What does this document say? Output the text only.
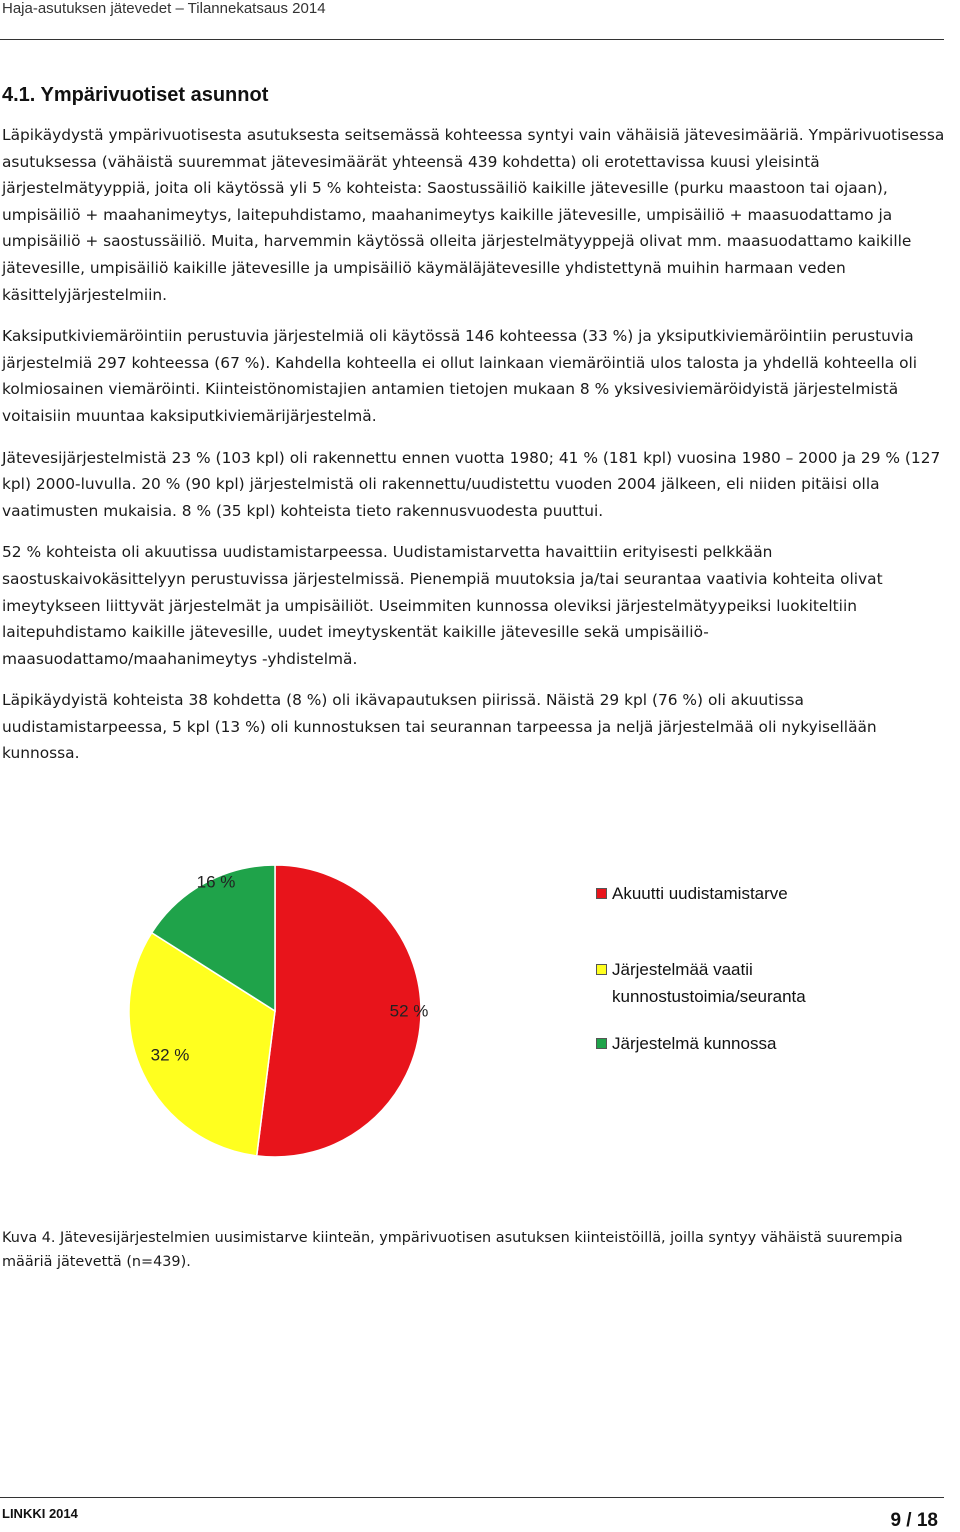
Haja-asutuksen jätevedet – Tilannekatsaus 2014
4.1. Ympärivuotiset asunnot

Läpikäydystä ympärivuotisesta asutuksesta seitsemässä kohteessa syntyi vain vähäisiä jätevesimääriä. Ympärivuotisessa asutuksessa (vähäistä suuremmat jätevesimäärät yhteensä 439 kohdetta) oli erotettavissa kuusi yleisintä järjestelmätyyppiä, joita oli käytössä yli 5 % kohteista: Saostussäiliö kaikille jätevesille (purku maastoon tai ojaan), umpisäiliö + maahanimeytys, laitepuhdistamo, maahanimeytys kaikille jätevesille, umpisäiliö + maasuodattamo ja umpisäiliö + saostussäiliö. Muita, harvemmin käytössä olleita järjestelmätyyppejä olivat mm. maasuodattamo kaikille jätevesille, umpisäiliö kaikille jätevesille ja umpisäiliö käymäläjätevesille yhdistettynä muihin harmaan veden käsittelyjärjestelmiin.

Kaksiputkiviemäröintiin perustuvia järjestelmiä oli käytössä 146 kohteessa (33 %) ja yksiputkiviemäröintiin perustuvia järjestelmiä 297 kohteessa (67 %). Kahdella kohteella ei ollut lainkaan viemäröintiä ulos talosta ja yhdellä kohteella oli kolmiosainen viemäröinti. Kiinteistönomistajien antamien tietojen mukaan 8 % yksivesiviemäröidyistä järjestelmistä voitaisiin muuntaa kaksiputkiviemärijärjestelmä.

Jätevesijärjestelmistä 23 % (103 kpl) oli rakennettu ennen vuotta 1980; 41 % (181 kpl) vuosina 1980 – 2000 ja 29 % (127 kpl) 2000-luvulla. 20 % (90 kpl) järjestelmistä oli rakennettu/uudistettu vuoden 2004 jälkeen, eli niiden pitäisi olla vaatimusten mukaisia. 8 % (35 kpl) kohteista tieto rakennusvuodesta puuttui.

52 % kohteista oli akuutissa uudistamistarpeessa. Uudistamistarvetta havaittiin erityisesti pelkkään saostuskaivokäsittelyyn perustuvissa järjestelmissä. Pienempiä muutoksia ja/tai seurantaa vaativia kohteita olivat imeytykseen liittyvät järjestelmät ja umpisäiliöt. Useimmiten kunnossa oleviksi järjestelmätyypeiksi luokiteltiin laitepuhdistamo kaikille jätevesille, uudet imeytyskentät kaikille jätevesille sekä umpisäiliö-maasuodattamo/maahanimeytys -yhdistelmä.

Läpikäydyistä kohteista 38 kohdetta (8 %) oli ikävapautuksen piirissä. Näistä 29 kpl (76 %) oli akuutissa uudistamistarpeessa, 5 kpl (13 %) oli kunnostuksen tai seurannan tarpeessa ja neljä järjestelmää oli nykyisellään kunnossa.

52 %
32 %
16 %
Akuutti uudistamistarve
Järjestelmää vaatii kunnostustoimia/seuranta
Järjestelmä kunnossa
Kuva 4. Jätevesijärjestelmien uusimistarve kiinteän, ympärivuotisen asutuksen kiinteistöillä, joilla syntyy vähäistä suurempia määriä jätevettä (n=439).
LINKKI 2014	9 / 18
